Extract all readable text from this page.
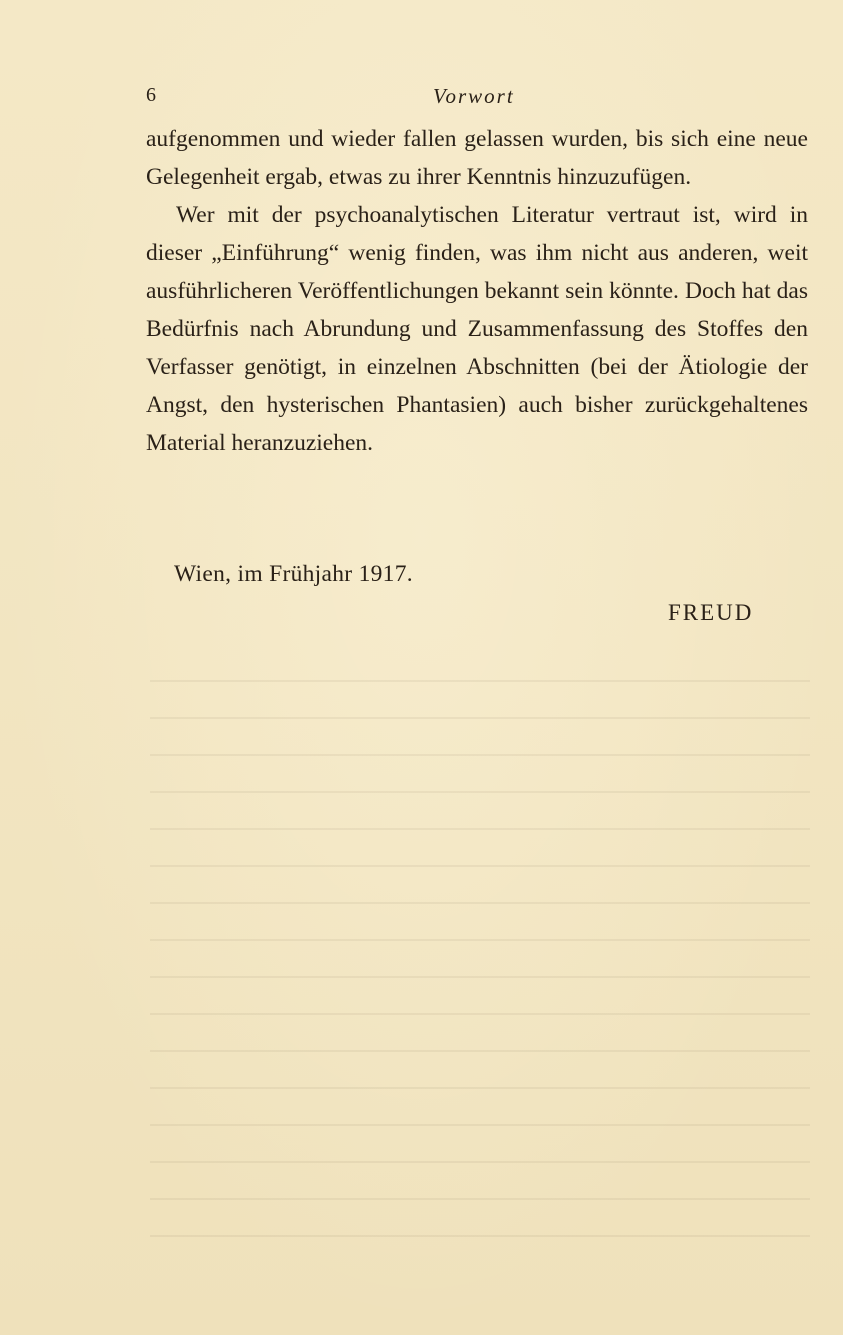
6	Vorwort

aufgenommen und wieder fallen gelassen wurden, bis sich eine neue Gelegenheit ergab, etwas zu ihrer Kenntnis hinzuzufügen.

Wer mit der psychoanalytischen Literatur vertraut ist, wird in dieser „Einführung“ wenig finden, was ihm nicht aus anderen, weit ausführlicheren Veröffentlichungen bekannt sein könnte. Doch hat das Bedürfnis nach Abrundung und Zusammenfassung des Stoffes den Verfasser genötigt, in einzelnen Abschnitten (bei der Ätiologie der Angst, den hysterischen Phantasien) auch bisher zurückgehaltenes Material heranzuziehen.

Wien, im Frühjahr 1917.
FREUD
